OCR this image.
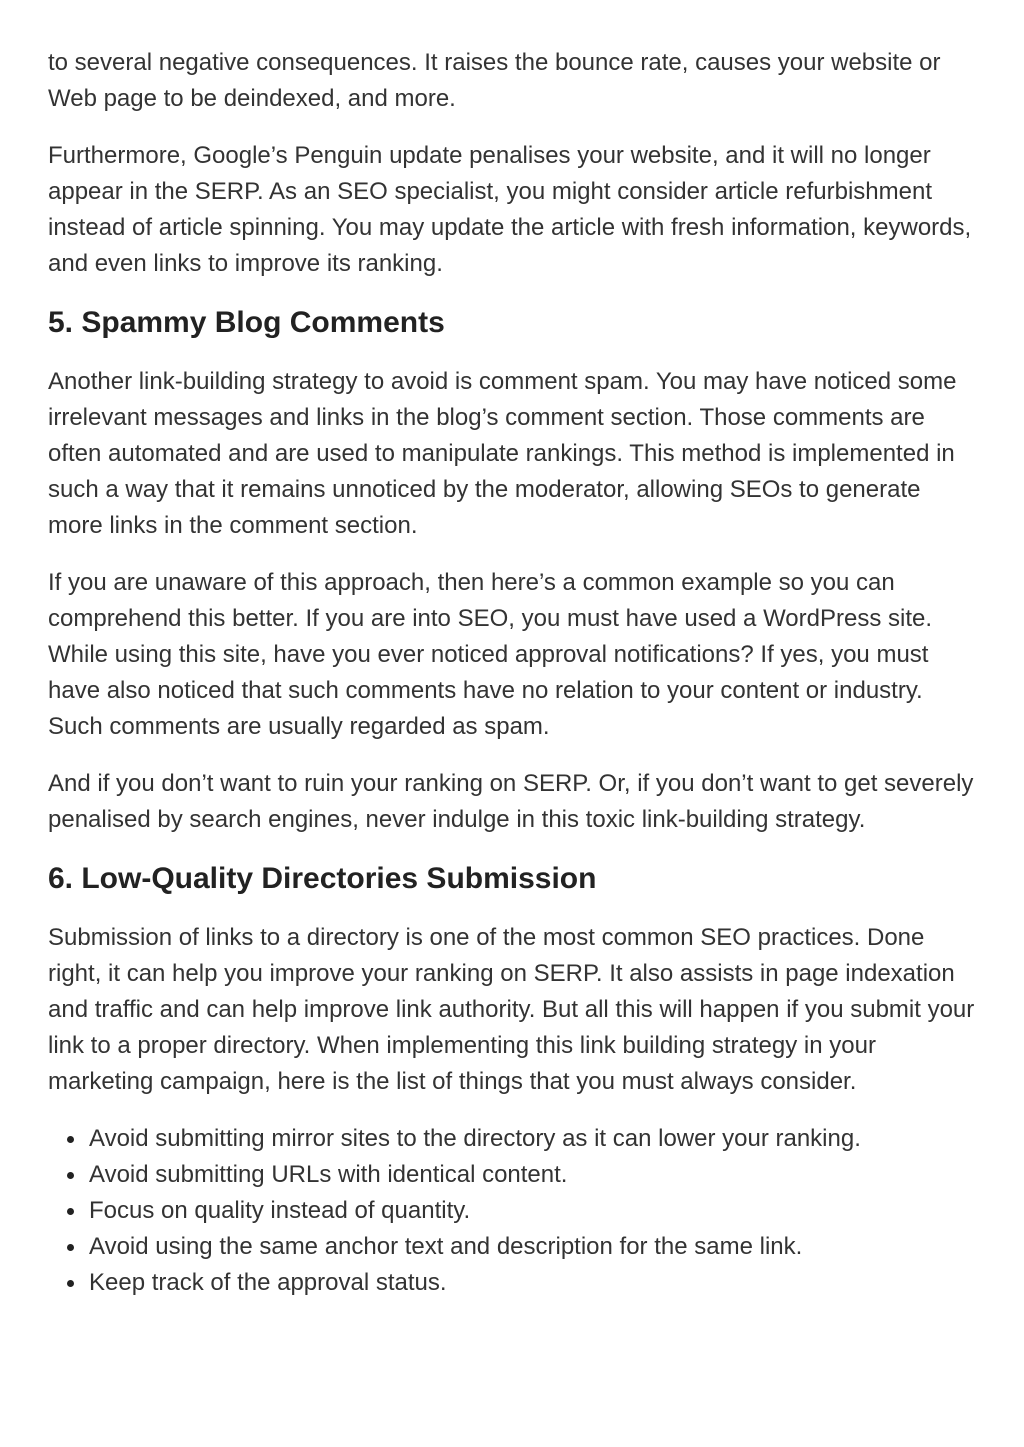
to several negative consequences. It raises the bounce rate, causes your website or Web page to be deindexed, and more.

Furthermore, Google’s Penguin update penalises your website, and it will no longer appear in the SERP. As an SEO specialist, you might consider article refurbishment instead of article spinning. You may update the article with fresh information, keywords, and even links to improve its ranking.

5. Spammy Blog Comments

Another link-building strategy to avoid is comment spam. You may have noticed some irrelevant messages and links in the blog’s comment section. Those comments are often automated and are used to manipulate rankings. This method is implemented in such a way that it remains unnoticed by the moderator, allowing SEOs to generate more links in the comment section.

If you are unaware of this approach, then here’s a common example so you can comprehend this better. If you are into SEO, you must have used a WordPress site. While using this site, have you ever noticed approval notifications? If yes, you must have also noticed that such comments have no relation to your content or industry. Such comments are usually regarded as spam.

And if you don’t want to ruin your ranking on SERP. Or, if you don’t want to get severely penalised by search engines, never indulge in this toxic link-building strategy.

6. Low-Quality Directories Submission

Submission of links to a directory is one of the most common SEO practices. Done right, it can help you improve your ranking on SERP. It also assists in page indexation and traffic and can help improve link authority. But all this will happen if you submit your link to a proper directory. When implementing this link building strategy in your marketing campaign, here is the list of things that you must always consider.

Avoid submitting mirror sites to the directory as it can lower your ranking.
Avoid submitting URLs with identical content.
Focus on quality instead of quantity.
Avoid using the same anchor text and description for the same link.
Keep track of the approval status.
